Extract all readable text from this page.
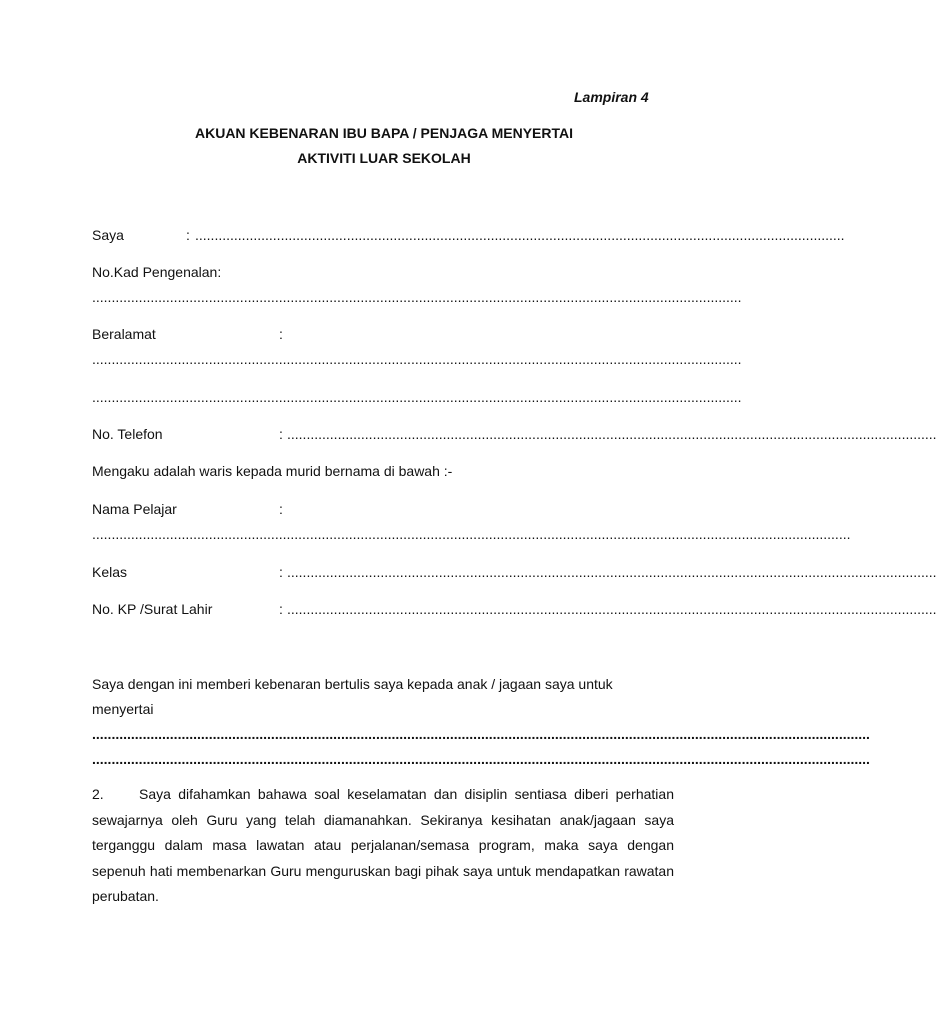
Lampiran 4
AKUAN KEBENARAN IBU BAPA / PENJAGA MENYERTAI
AKTIVITI LUAR SEKOLAH
Saya	: .......................................................................................................................................................................
No.Kad Pengenalan:
.......................................................................................................................................................................
Beralamat	:
.......................................................................................................................................................................
.......................................................................................................................................................................
No. Telefon	: .......................................................................................................................................................................
Mengaku adalah waris kepada murid bernama di bawah :-
Nama Pelajar	:
...................................................................................................................................................................................................
Kelas	: .......................................................................................................................................................................
No. KP /Surat Lahir	: .......................................................................................................................................................................
Saya dengan ini memberi kebenaran bertulis saya kepada anak / jagaan saya untuk
menyertai
........................................................................................................................................................................................................
........................................................................................................................................................................................................
2.	Saya difahamkan bahawa soal keselamatan dan disiplin sentiasa diberi perhatian sewajarnya oleh Guru yang telah diamanahkan. Sekiranya kesihatan anak/jagaan saya terganggu dalam masa lawatan atau perjalanan/semasa program, maka saya dengan sepenuh hati membenarkan Guru menguruskan bagi pihak saya untuk mendapatkan rawatan perubatan.
